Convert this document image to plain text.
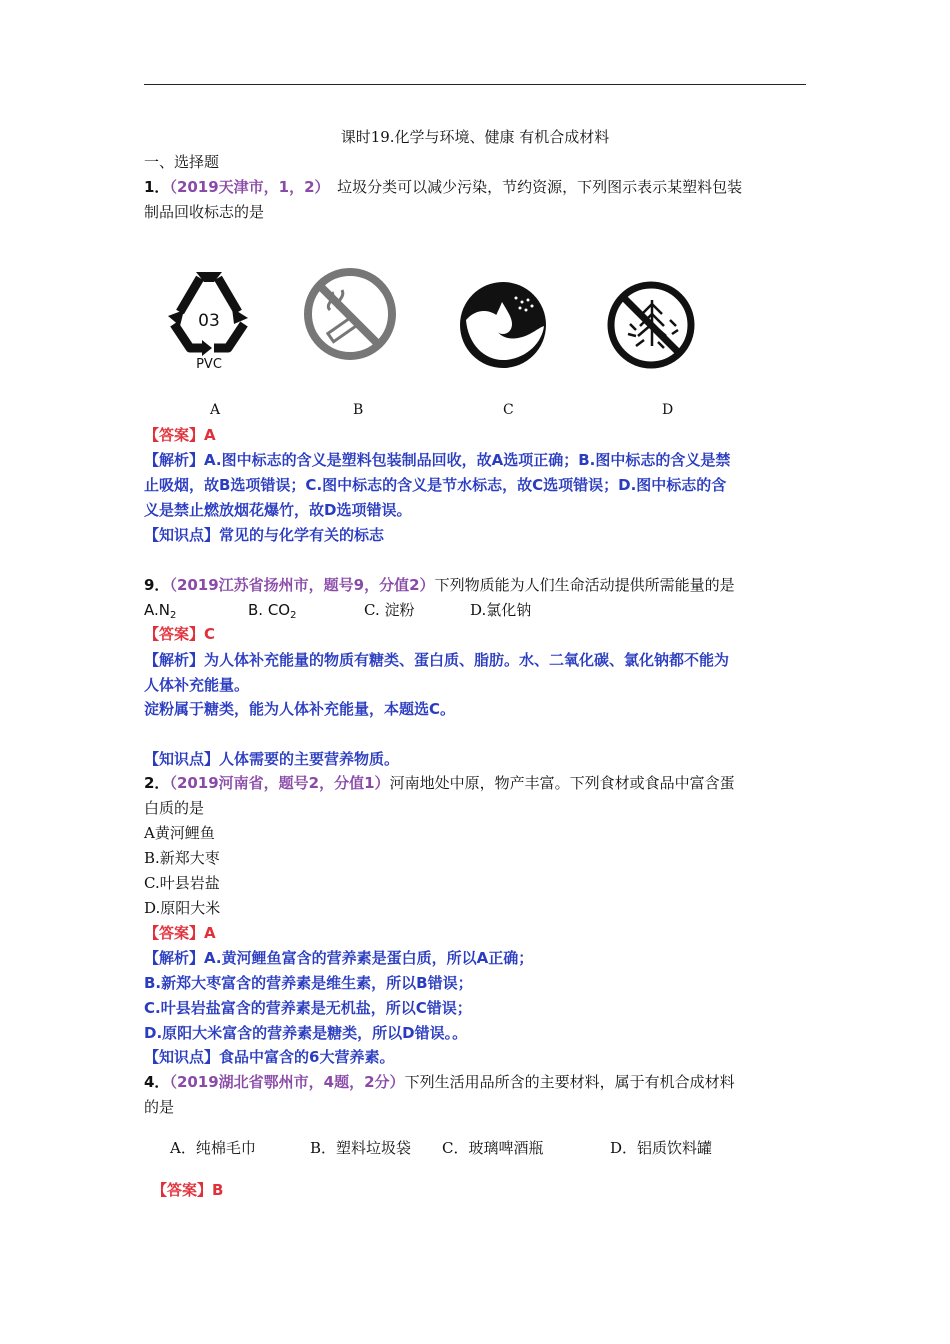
课时19.化学与环境、健康 有机合成材料
一、选择题
1．（2019天津市，1，2）　垃圾分类可以减少污染，节约资源，下列图示表示某塑料包装
制品回收标志的是
03
PVC
A	B	C	D
【答案】A
【解析】A.图中标志的含义是塑料包装制品回收，故A选项正确；B.图中标志的含义是禁
止吸烟，故B选项错误；C.图中标志的含义是节水标志，故C选项错误；D.图中标志的含
义是禁止燃放烟花爆竹，故D选项错误。
【知识点】常见的与化学有关的标志
9．（2019江苏省扬州市，题号9，分值2）下列物质能为人们生命活动提供所需能量的是
$A.N_2$	B. $CO_2$	C. 淀粉	D.氯化钠
【答案】C
【解析】为人体补充能量的物质有糖类、蛋白质、脂肪。水、二氧化碳、氯化钠都不能为
人体补充能量。
淀粉属于糖类，能为人体补充能量，本题选C。
【知识点】人体需要的主要营养物质。
2．（2019河南省，题号2，分值1）河南地处中原，物产丰富。下列食材或食品中富含蛋
白质的是
A黄河鲤鱼
B.新郑大枣
C.叶县岩盐
D.原阳大米
【答案】A
【解析】A.黄河鲤鱼富含的营养素是蛋白质，所以A正确；
B.新郑大枣富含的营养素是维生素，所以B错误；
C.叶县岩盐富含的营养素是无机盐，所以C错误；
D.原阳大米富含的营养素是糖类，所以D错误。。
【知识点】食品中富含的6大营养素。
4．（2019湖北省鄂州市，4题，2分）下列生活用品所含的主要材料，属于有机合成材料
的是
A．纯棉毛巾	B．塑料垃圾袋 C．玻璃啤酒瓶	D．铝质饮料罐
【答案】B
